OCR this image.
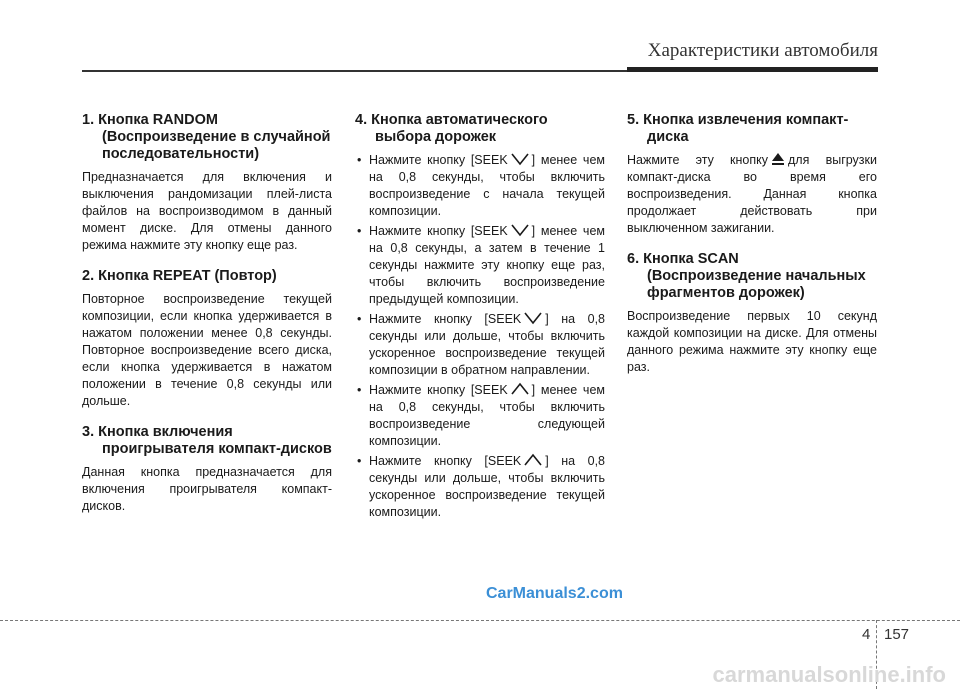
Характеристики автомобиля
1. Кнопка RANDOM (Воспроизведение в случайной последовательности)

Предназначается для включения и выключения рандомизации плей-листа файлов на воспроизводимом в данный момент диске. Для отмены данного режима нажмите эту кнопку еще раз.

2. Кнопка REPEAT (Повтор)

Повторное воспроизведение текущей композиции, если кнопка удерживается в нажатом положении менее 0,8 секунды. Повторное воспроизведение всего диска, если кнопка удерживается в нажатом положении в течение 0,8 секунды или дольше.

3. Кнопка включения проигрывателя компакт-дисков

Данная кнопка предназначается для включения проигрывателя компакт-дисков.

4. Кнопка автоматического выбора дорожек
• Нажмите кнопку [SEEK ] менее чем на 0,8 секунды, чтобы включить воспроизведение с начала текущей композиции.
• Нажмите кнопку [SEEK ] менее чем на 0,8 секунды, а затем в течение 1 секунды нажмите эту кнопку еще раз, чтобы включить воспроизведение предыдущей композиции.
• Нажмите кнопку [SEEK ] на 0,8 секунды или дольше, чтобы включить ускоренное воспроизведение текущей композиции в обратном направлении.
• Нажмите кнопку [SEEK ] менее чем на 0,8 секунды, чтобы включить воспроизведение следующей композиции.
• Нажмите кнопку [SEEK ] на 0,8 секунды или дольше, чтобы включить ускоренное воспроизведение текущей композиции.
5. Кнопка извлечения компакт-диска

Нажмите эту кнопку для выгрузки компакт-диска во время его воспроизведения. Данная кнопка продолжает действовать при выключенном зажигании.

6. Кнопка SCAN (Воспроизведение начальных фрагментов дорожек)

Воспроизведение первых 10 секунд каждой композиции на диске. Для отмены данного режима нажмите эту кнопку еще раз.

CarManuals2.com
4 157
carmanualsonline.info
